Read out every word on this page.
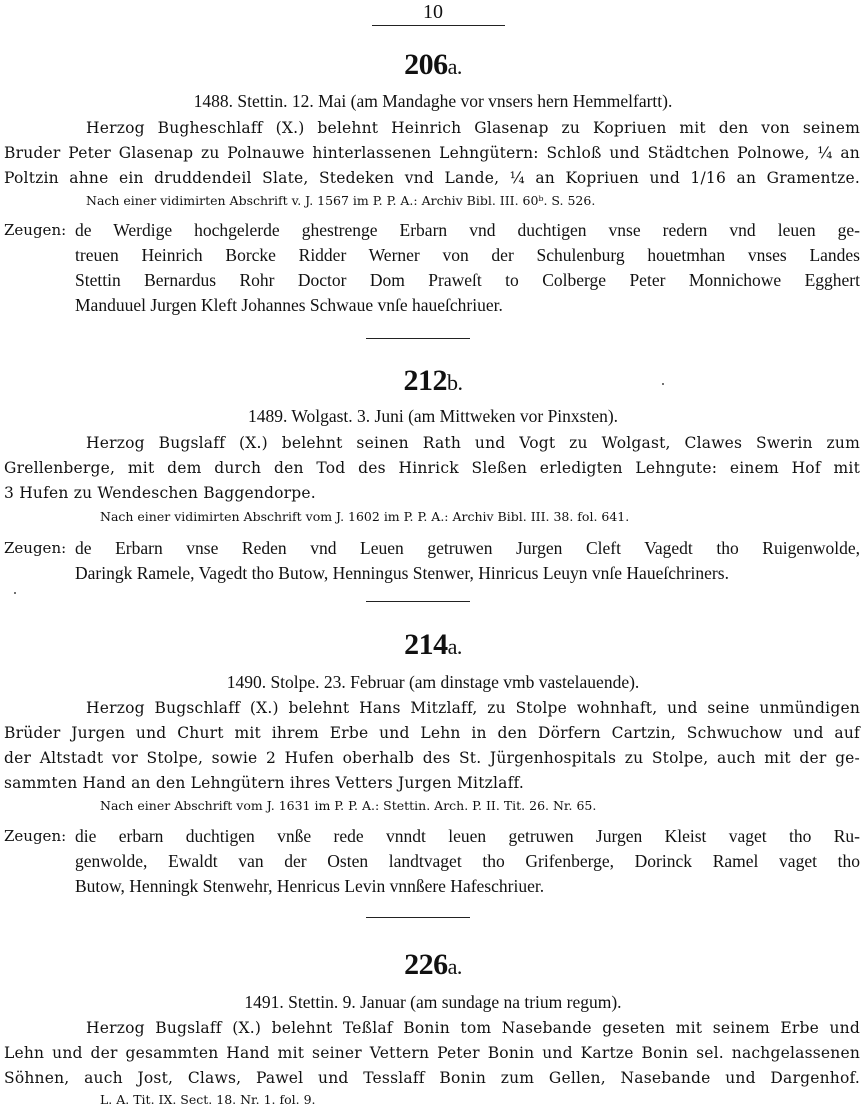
10
206a.
1488. Stettin. 12. Mai (am Mandaghe vor vnsers hern Hemmelfartt).
Herzog Bugheschlaff (X.) belehnt Heinrich Glasenap zu Kopriuen mit den von seinem
Bruder Peter Glasenap zu Polnauwe hinterlassenen Lehngütern: Schloß und Städtchen Polnowe, ¼ an
Poltzin ahne ein druddendeil Slate, Stedeken vnd Lande, ¼ an Kopriuen und 1/16 an Gramentze.
Nach einer vidimirten Abschrift v. J. 1567 im P. P. A.: Archiv Bibl. III. 60ᵇ. S. 526.
Zeugen: de Werdige hochgelerde ghestrenge Erbarn vnd duchtigen vnse redern vnd leuen ge-
treuen Heinrich Borcke Ridder Werner von der Schulenburg houetmhan vnses Landes
Stettin Bernardus Rohr Doctor Dom Praweſt to Colberge Peter Monnichowe Egghert
Manduuel Jurgen Kleft Johannes Schwaue vnſe haueſchriuer.
212b.
1489. Wolgast. 3. Juni (am Mittweken vor Pinxsten).
Herzog Bugslaff (X.) belehnt seinen Rath und Vogt zu Wolgast, Clawes Swerin zum
Grellenberge, mit dem durch den Tod des Hinrick Sleßen erledigten Lehngute: einem Hof mit
3 Hufen zu Wendeschen Baggendorpe.
Nach einer vidimirten Abschrift vom J. 1602 im P. P. A.: Archiv Bibl. III. 38. fol. 641.
Zeugen: de Erbarn vnse Reden vnd Leuen getruwen Jurgen Cleft Vagedt tho Ruigenwolde,
Daringk Ramele, Vagedt tho Butow, Henningus Stenwer, Hinricus Leuyn vnſe Haueſchriners.
214a.
1490. Stolpe. 23. Februar (am dinstage vmb vastelauende).
Herzog Bugschlaff (X.) belehnt Hans Mitzlaff, zu Stolpe wohnhaft, und seine unmündigen
Brüder Jurgen und Churt mit ihrem Erbe und Lehn in den Dörfern Cartzin, Schwuchow und auf
der Altstadt vor Stolpe, sowie 2 Hufen oberhalb des St. Jürgenhospitals zu Stolpe, auch mit der ge-
sammten Hand an den Lehngütern ihres Vetters Jurgen Mitzlaff.
Nach einer Abschrift vom J. 1631 im P. P. A.: Stettin. Arch. P. II. Tit. 26. Nr. 65.
Zeugen: die erbarn duchtigen vnße rede vnndt leuen getruwen Jurgen Kleist vaget tho Ru-
genwolde, Ewaldt van der Osten landtvaget tho Grifenberge, Dorinck Ramel vaget tho
Butow, Henningk Stenwehr, Henricus Levin vnnßere Hafeschriuer.
226a.
1491. Stettin. 9. Januar (am sundage na trium regum).
Herzog Bugslaff (X.) belehnt Teßlaf Bonin tom Nasebande geseten mit seinem Erbe und
Lehn und der gesammten Hand mit seiner Vettern Peter Bonin und Kartze Bonin sel. nachgelassenen
Söhnen, auch Jost, Claws, Pawel und Tesslaff Bonin zum Gellen, Nasebande und Dargenhof.
L. A. Tit. IX. Sect. 18. Nr. 1. fol. 9.
